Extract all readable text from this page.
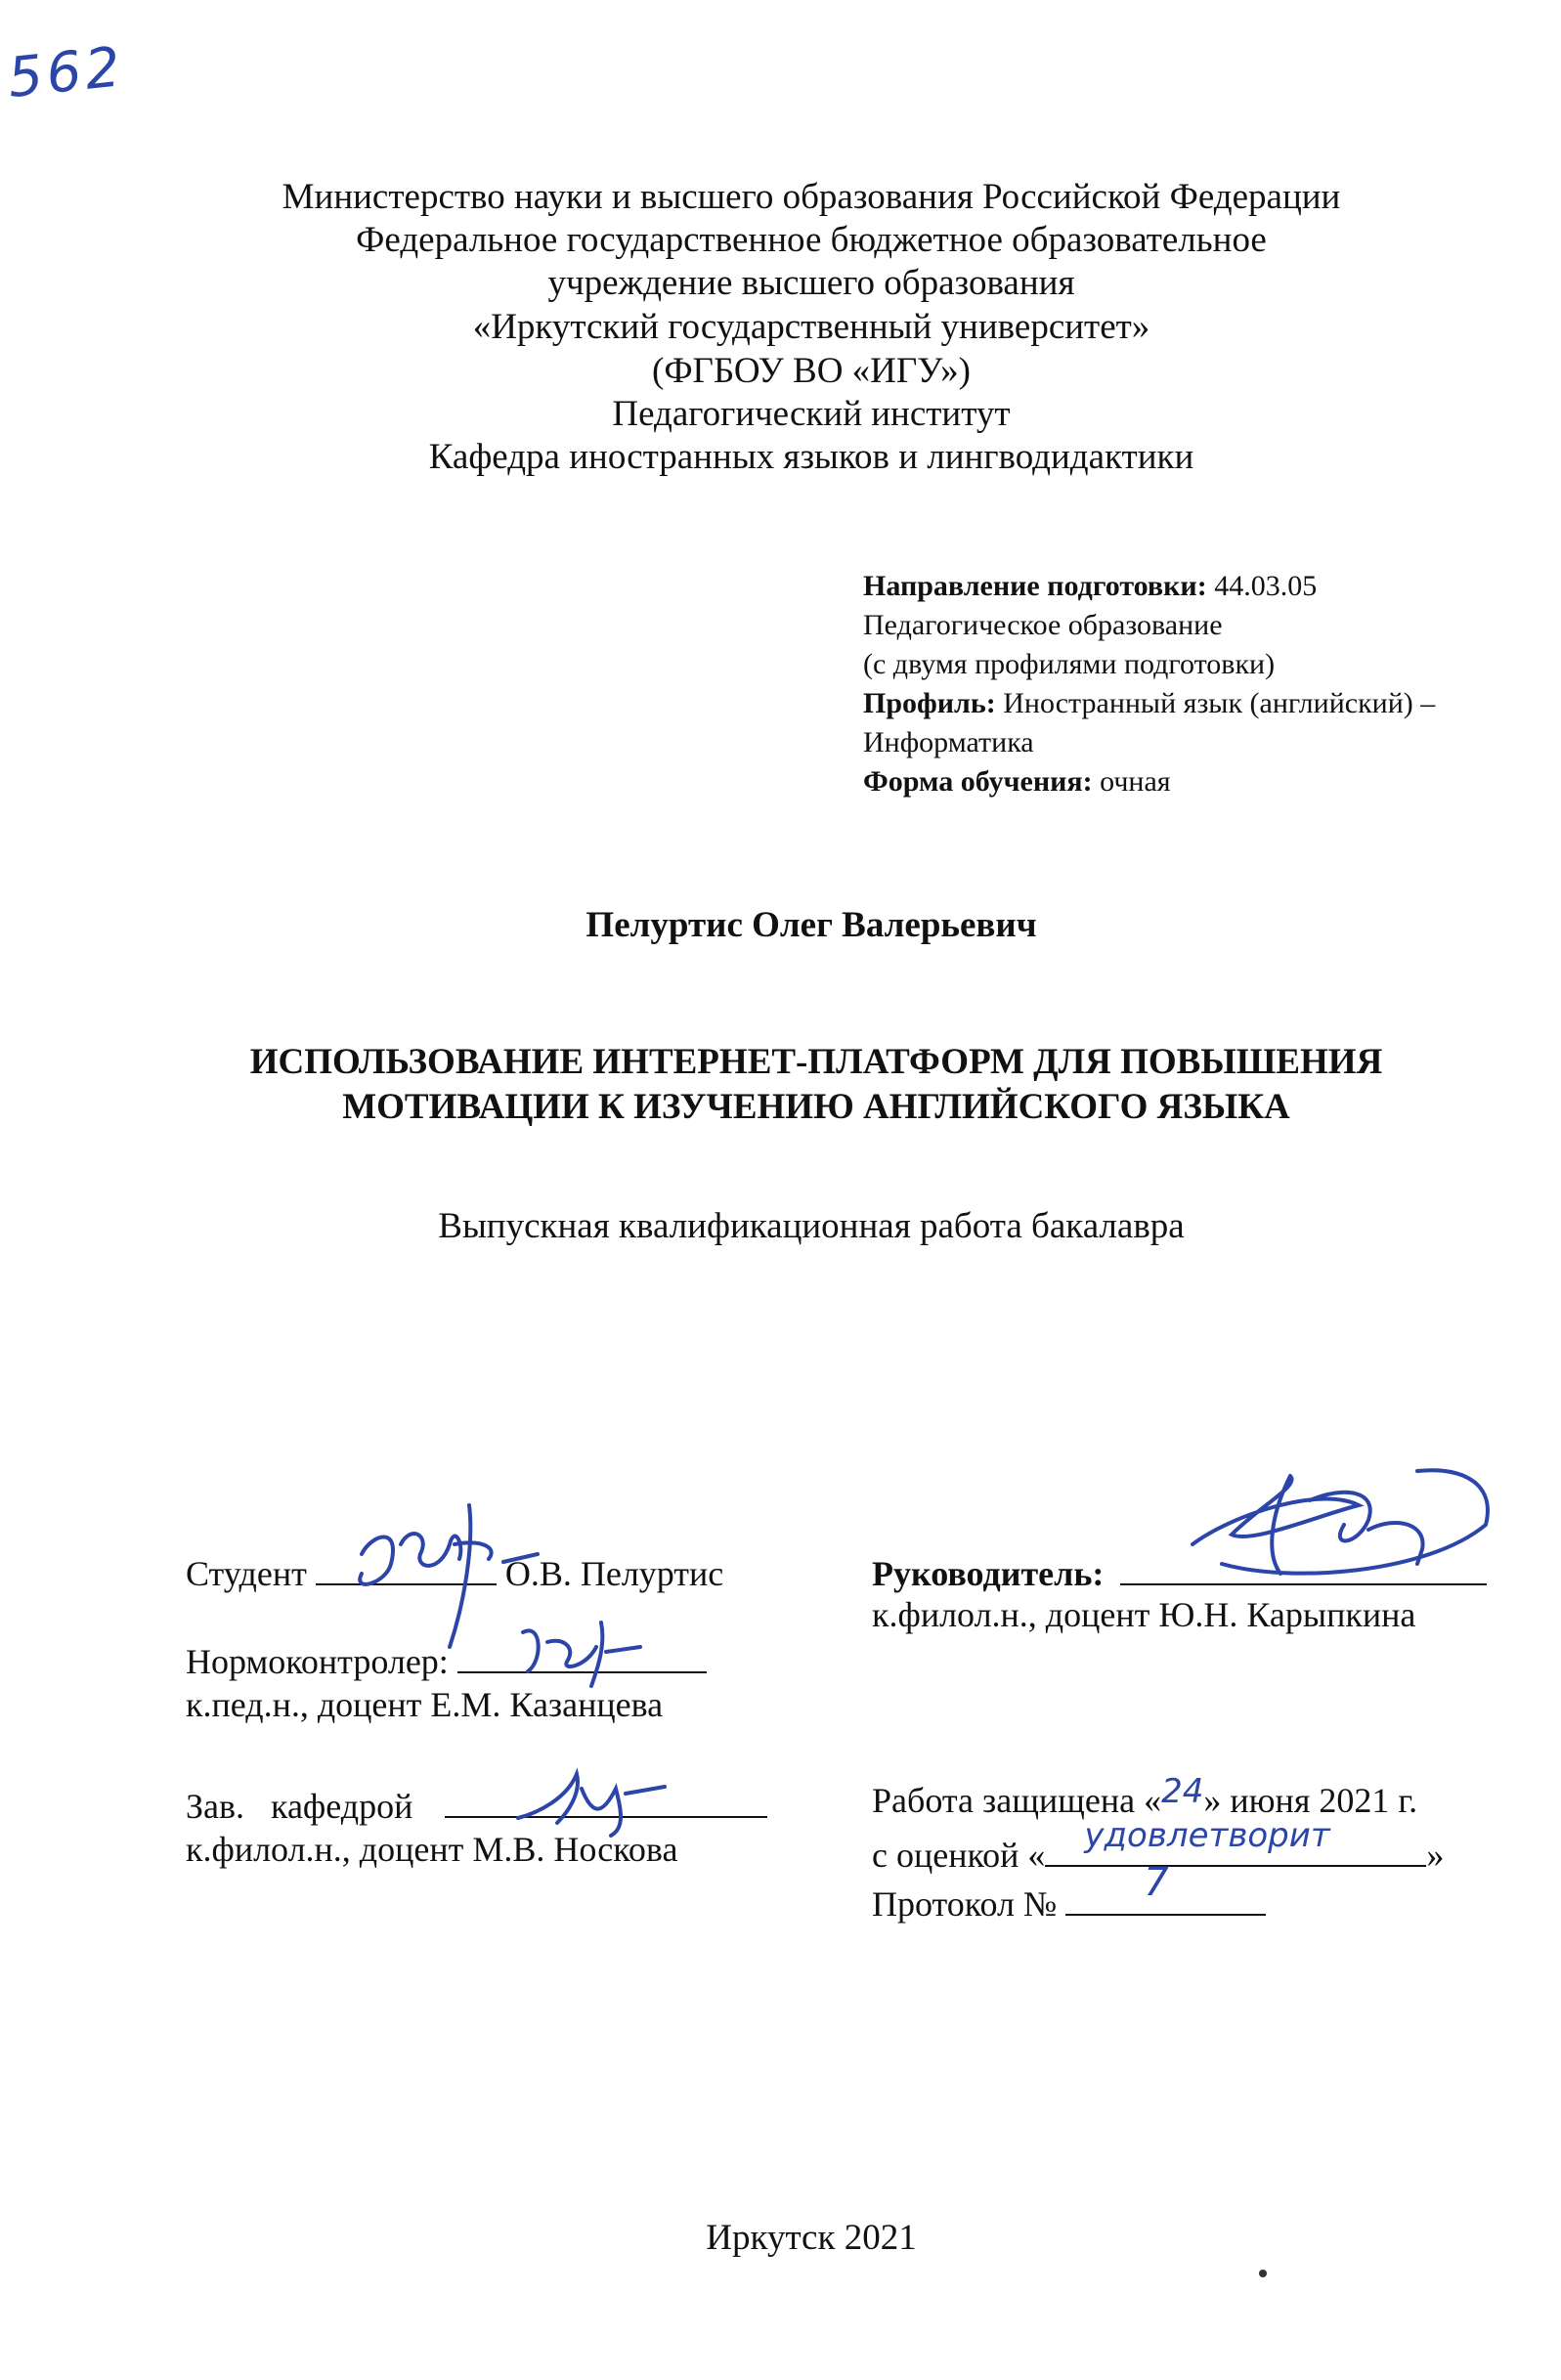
562
Министерство науки и высшего образования Российской Федерации
Федеральное государственное бюджетное образовательное
учреждение высшего образования
«Иркутский государственный университет»
(ФГБОУ ВО «ИГУ»)
Педагогический институт
Кафедра иностранных языков и лингводидактики
Направление подготовки: 44.03.05
Педагогическое образование
(с двумя профилями подготовки)
Профиль: Иностранный язык (английский) –
Информатика
Форма обучения: очная
Пелуртис Олег Валерьевич
ИСПОЛЬЗОВАНИЕ ИНТЕРНЕТ-ПЛАТФОРМ ДЛЯ ПОВЫШЕНИЯ
МОТИВАЦИИ К ИЗУЧЕНИЮ АНГЛИЙСКОГО ЯЗЫКА
Выпускная квалификационная работа бакалавра
Студент	О.В. Пелуртис
Нормоконтролер:
к.пед.н., доцент Е.М. Казанцева
Зав.   кафедрой
к.филол.н., доцент М.В. Носкова
Руководитель:
к.филол.н., доцент Ю.Н. Карыпкина
Работа защищена «24» июня 2021 г.
с оценкой « удовлетворит	»
Протокол № 7
Иркутск 2021
